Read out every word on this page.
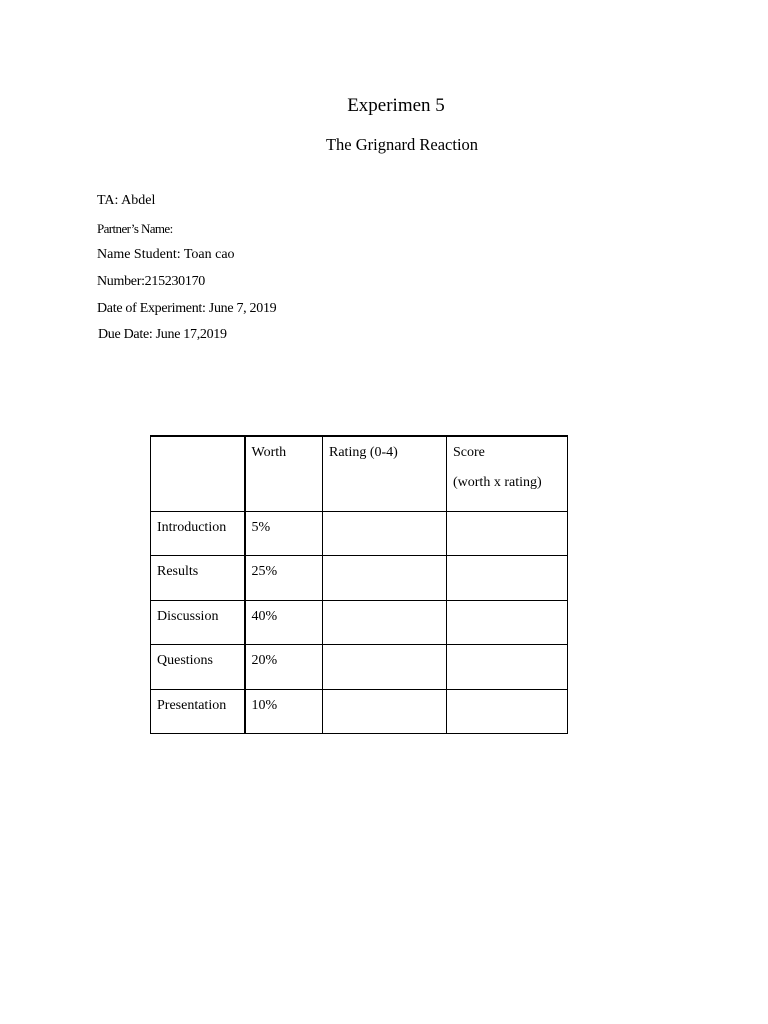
Experimen 5
The Grignard Reaction
TA: Abdel
Partner’s Name:
Name Student: Toan cao
Number:215230170
Date of Experiment: June 7, 2019
Due Date: June 17,2019
	Worth	Rating (0-4)	Score
(worth x rating)

Introduction	5%		
Results	25%		
Discussion	40%		
Questions	20%		
Presentation	10%		
